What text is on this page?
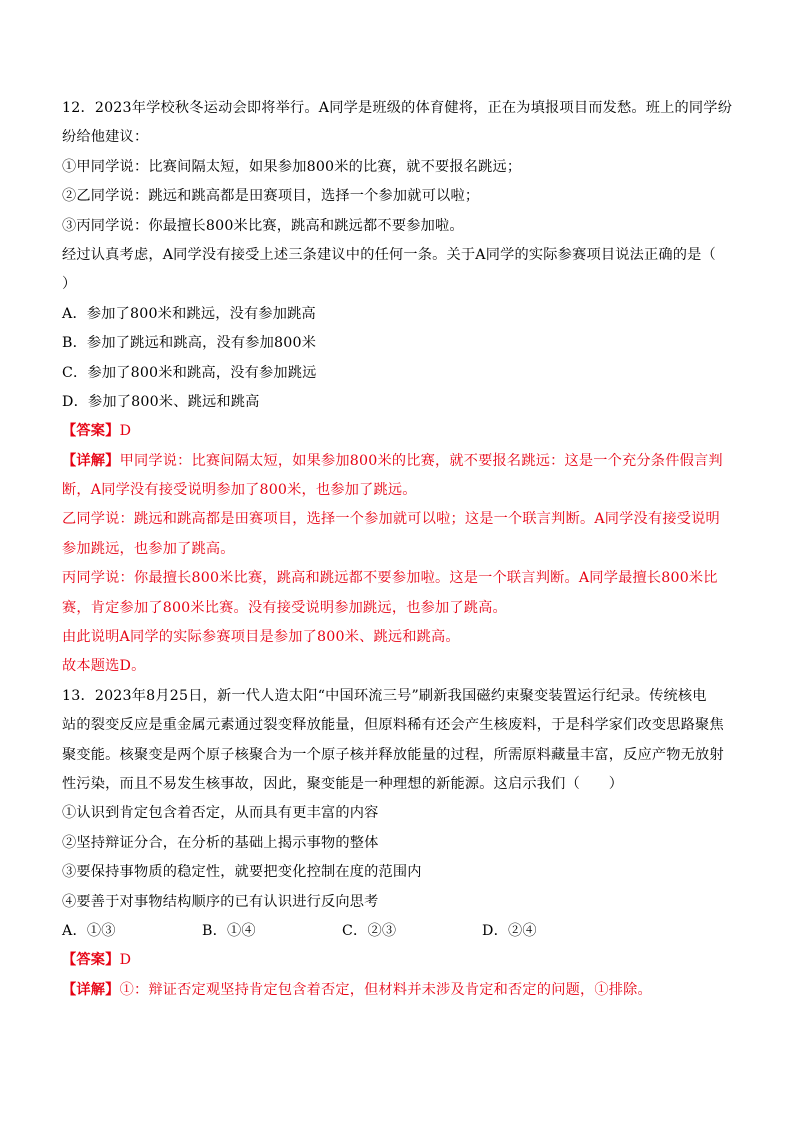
12．2023年学校秋冬运动会即将举行。A同学是班级的体育健将，正在为填报项目而发愁。班上的同学纷
纷给他建议：
①甲同学说：比赛间隔太短，如果参加800米的比赛，就不要报名跳远；
②乙同学说：跳远和跳高都是田赛项目，选择一个参加就可以啦；
③丙同学说：你最擅长800米比赛，跳高和跳远都不要参加啦。
经过认真考虑，A同学没有接受上述三条建议中的任何一条。关于A同学的实际参赛项目说法正确的是（
）
A．参加了800米和跳远，没有参加跳高
B．参加了跳远和跳高，没有参加800米
C．参加了800米和跳高，没有参加跳远
D．参加了800米、跳远和跳高
【答案】D
【详解】甲同学说：比赛间隔太短，如果参加800米的比赛，就不要报名跳远：这是一个充分条件假言判
断，A同学没有接受说明参加了800米，也参加了跳远。
乙同学说：跳远和跳高都是田赛项目，选择一个参加就可以啦；这是一个联言判断。A同学没有接受说明
参加跳远，也参加了跳高。
丙同学说：你最擅长800米比赛，跳高和跳远都不要参加啦。这是一个联言判断。A同学最擅长800米比
赛，肯定参加了800米比赛。没有接受说明参加跳远，也参加了跳高。
由此说明A同学的实际参赛项目是参加了800米、跳远和跳高。
故本题选D。
13．2023年8月25日，新一代人造太阳“中国环流三号”刷新我国磁约束聚变装置运行纪录。传统核电
站的裂变反应是重金属元素通过裂变释放能量，但原料稀有还会产生核废料，于是科学家们改变思路聚焦
聚变能。核聚变是两个原子核聚合为一个原子核并释放能量的过程，所需原料藏量丰富，反应产物无放射
性污染，而且不易发生核事故，因此，聚变能是一种理想的新能源。这启示我们（　　）
①认识到肯定包含着否定，从而具有更丰富的内容
②坚持辩证分合，在分析的基础上揭示事物的整体
③要保持事物质的稳定性，就要把变化控制在度的范围内
④要善于对事物结构顺序的已有认识进行反向思考
A．①③	B．①④	C．②③	D．②④
【答案】D
【详解】①：辩证否定观坚持肯定包含着否定，但材料并未涉及肯定和否定的问题，①排除。
